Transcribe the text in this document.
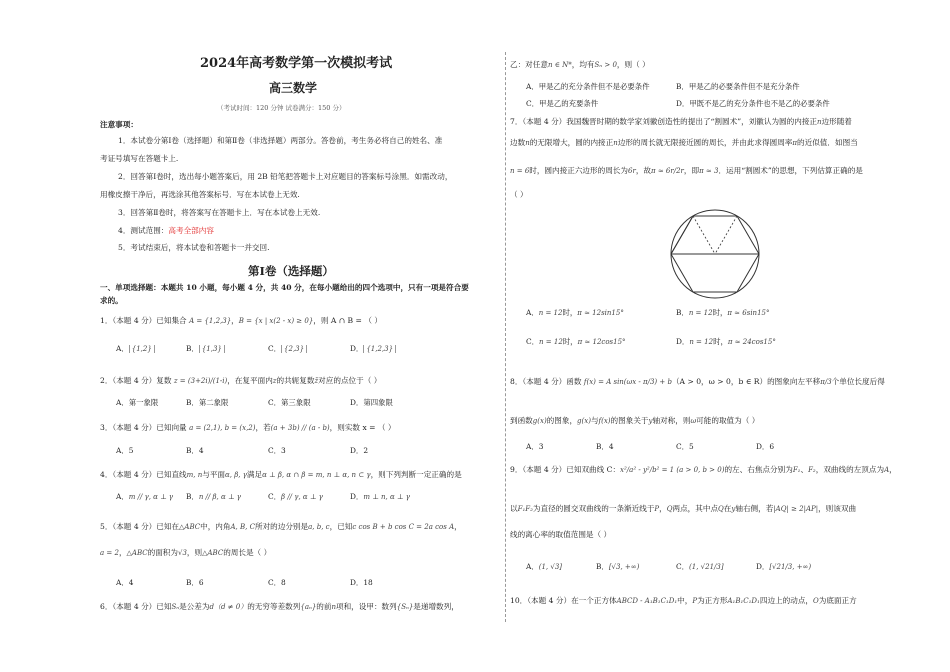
2024年高考数学第一次模拟考试
高三数学
（考试时间：120 分钟 试卷满分：150 分）
注意事项：
1．本试卷分第Ⅰ卷（选择题）和第Ⅱ卷（非选择题）两部分。答卷前，考生务必将自己的姓名、准
考证号填写在答题卡上.
2．回答第Ⅰ卷时，选出每小题答案后，用 2B 铅笔把答题卡上对应题目的答案标号涂黑．如需改动，
用橡皮擦干净后，再选涂其他答案标号．写在本试卷上无效.
3．回答第Ⅱ卷时，将答案写在答题卡上．写在本试卷上无效.
4．测试范围：高考全部内容
5．考试结束后，将本试卷和答题卡一并交回.
第Ⅰ卷（选择题）
一、单项选择题：本题共 10 小题，每小题 4 分，共 40 分，在每小题给出的四个选项中，只有一项是符合要
求的。
1．（本题 4 分）已知集合 A = {1,2,3}，B = {x | x(2 - x) ≥ 0}，则 A ∩ B = （ ）
A． {1,2}	B． {1,3}	C． {2,3}	D． {1,2,3}
2．（本题 4 分）复数 z = (3+2i)/(1-i)，在复平面内z的共轭复数z̄对应的点位于（ ）
A．第一象限	B．第二象限	C．第三象限	D．第四象限
3．（本题 4 分）已知向量 a = (2,1), b = (x,2)，若(a + 3b) // (a - b)，则实数 x = （ ）
A．5	B．4	C．3	D．2
4．（本题 4 分）已知直线m, n与平面α, β, γ满足α ⊥ β, α ∩ β = m, n ⊥ α, n ⊂ γ，则下列判断一定正确的是
A．m // γ, α ⊥ γ B．n // β, α ⊥ γ	C．β // γ, α ⊥ γ	D．m ⊥ n, α ⊥ γ
5．（本题 4 分）已知在△ABC中，内角A, B, C所对的边分别是a, b, c，已知c cos B + b cos C = 2a cos A，
a = 2，△ABC的面积为√3，则△ABC的周长是（ ）
A．4	B．6	C．8	D．18
6．（本题 4 分）已知Sₙ是公差为d（d ≠ 0）的无穷等差数列{aₙ}的前n项和，设甲：数列{Sₙ}是递增数列，
乙：对任意n ∈ N*，均有Sₙ > 0，则（ ）
A．甲是乙的充分条件但不是必要条件	B．甲是乙的必要条件但不是充分条件
C．甲是乙的充要条件	D．甲既不是乙的充分条件也不是乙的必要条件
7．（本题 4 分）我国魏晋时期的数学家刘徽创造性的提出了“割圆术”，刘徽认为圆的内接正n边形随着
边数n的无限增大，圆的内接正n边形的周长就无限接近圆的周长，并由此求得圆周率π的近似值．如图当
n = 6时，圆内接正六边形的周长为6r，故π ≈ 6r/2r，即π ≈ 3．运用“割圆术”的思想，下列估算正确的是
（ ）
A．n = 12时，π ≈ 12sin15°	B．n = 12时，π ≈ 6sin15°
C．n = 12时，π ≈ 12cos15°	D．n = 12时，π ≈ 24cos15°
8．（本题 4 分）函数 f(x) = A sin(ωx - π/3) + b（A > 0，ω > 0，b ∈ R）的图象向左平移π/3个单位长度后得
到函数g(x)的图象，g(x)与f(x)的图象关于y轴对称，则ω可能的取值为（ ）
A．3	B．4	C．5	D．6
9．（本题 4 分）已知双曲线 C：x²/a² - y²/b² = 1 (a > 0, b > 0)的左、右焦点分别为F₁、F₂，双曲线的左顶点为A，
以F₁F₂为直径的圆交双曲线的一条渐近线于P，Q两点，其中点Q在y轴右侧，若|AQ| ≥ 2|AP|，则该双曲
线的离心率的取值范围是（ ）
A．(1, √3]	B．[√3, +∞)	C．(1, √21/3]	D．[√21/3, +∞)
10．（本题 4 分）在一个正方体ABCD - A₁B₁C₁D₁中，P为正方形A₁B₁C₁D₁四边上的动点，O为底面正方
